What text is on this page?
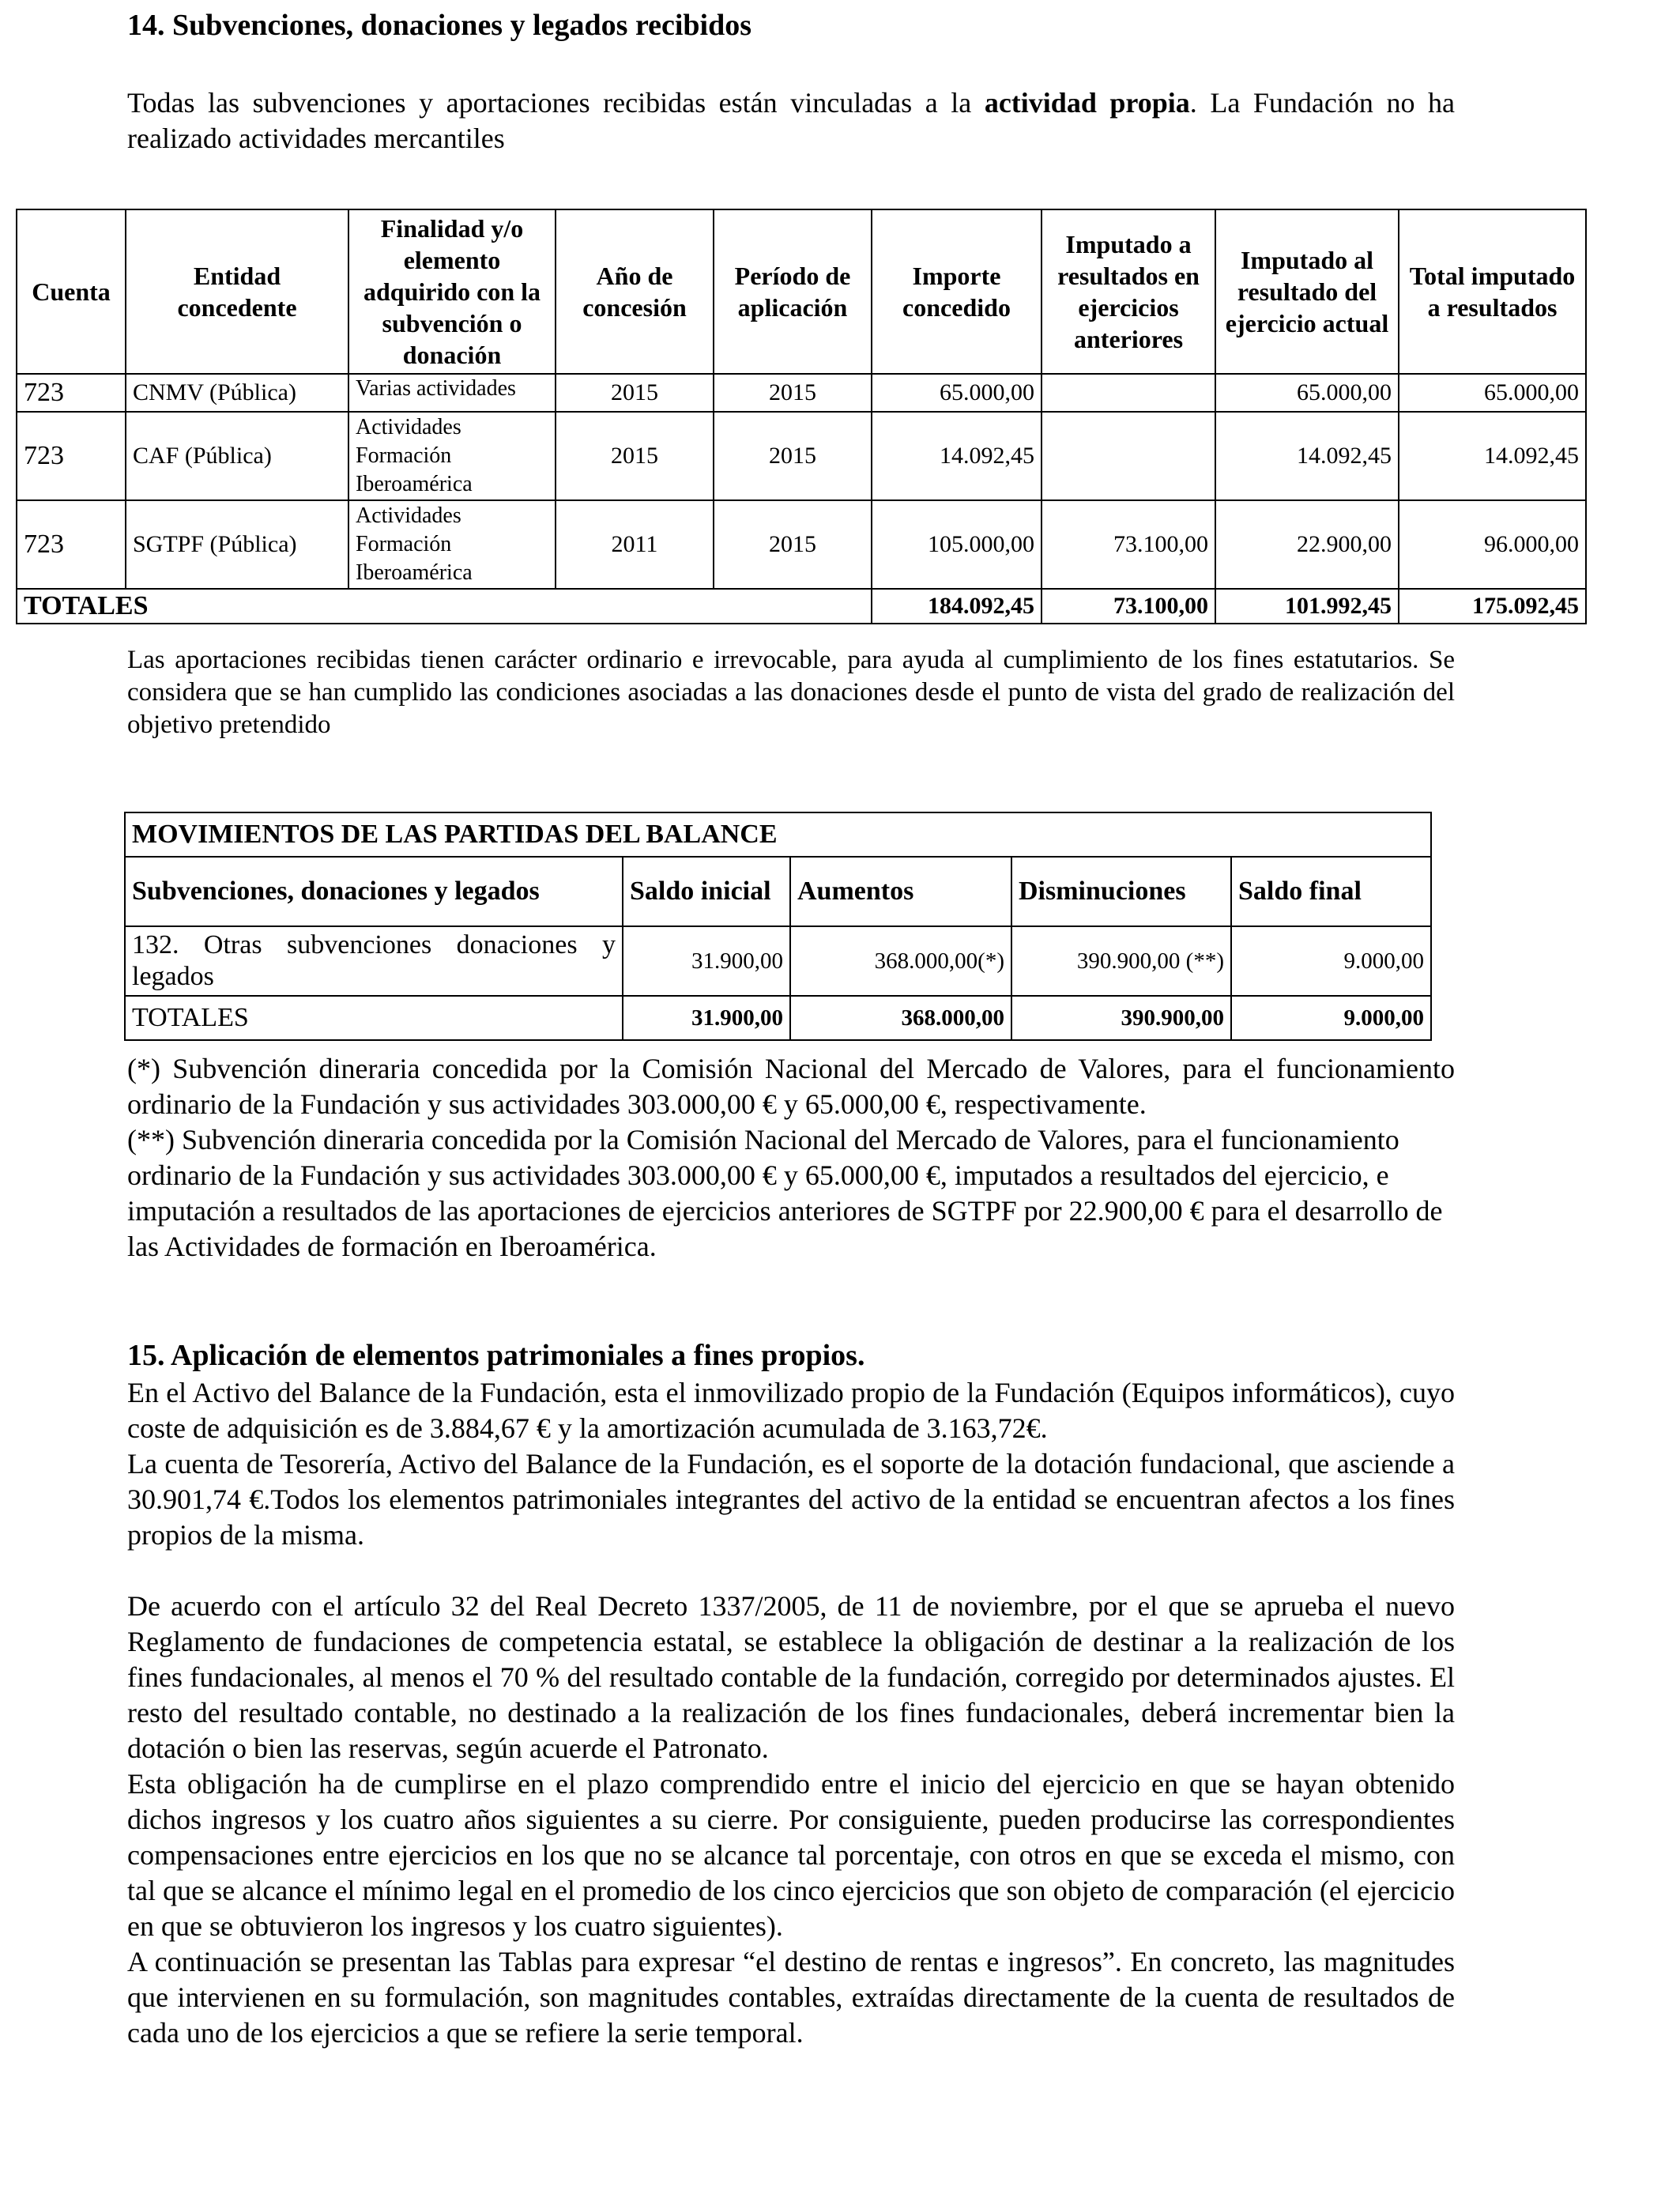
14. Subvenciones, donaciones y legados recibidos
Todas las subvenciones y aportaciones recibidas están vinculadas a la actividad propia. La Fundación no ha realizado actividades mercantiles
Cuenta	Entidad concedente	Finalidad y/o elemento adquirido con la subvención o donación	Año de concesión	Período de aplicación	Importe concedido	Imputado a resultados en ejercicios anteriores	Imputado al resultado del ejercicio actual	Total imputado a resultados
723	CNMV (Pública)	Varias actividades	2015	2015	65.000,00		65.000,00	65.000,00
723	CAF (Pública)	Actividades Formación Iberoamérica	2015	2015	14.092,45		14.092,45	14.092,45
723	SGTPF (Pública)	Actividades Formación Iberoamérica	2011	2015	105.000,00	73.100,00	22.900,00	96.000,00
TOTALES					184.092,45	73.100,00	101.992,45	175.092,45
Las aportaciones recibidas tienen carácter ordinario e irrevocable, para ayuda al cumplimiento de los fines estatutarios. Se considera que se han cumplido las condiciones asociadas a las donaciones desde el punto de vista del grado de realización del objetivo pretendido
MOVIMIENTOS DE LAS PARTIDAS DEL BALANCE				
Subvenciones, donaciones y legados	Saldo inicial	Aumentos	Disminuciones	Saldo final
132. Otras subvenciones donaciones y legados	31.900,00	368.000,00(*)	390.900,00 (**)	9.000,00
TOTALES	31.900,00	368.000,00	390.900,00	9.000,00
(*) Subvención dineraria concedida por la Comisión Nacional del Mercado de Valores, para el funcionamiento ordinario de la Fundación y sus actividades 303.000,00 € y 65.000,00 €, respectivamente.
(**) Subvención dineraria concedida por la Comisión Nacional del Mercado de Valores, para el funcionamiento ordinario de la Fundación y sus actividades 303.000,00 € y 65.000,00 €, imputados a resultados del ejercicio, e imputación a resultados de las aportaciones de ejercicios anteriores de SGTPF por 22.900,00 € para el desarrollo de las Actividades de formación en Iberoamérica.
15. Aplicación de elementos patrimoniales a fines propios.
En el Activo del Balance de la Fundación, esta el inmovilizado propio de la Fundación (Equipos informáticos), cuyo coste de adquisición es de 3.884,67 € y la amortización acumulada de 3.163,72€.
La cuenta de Tesorería, Activo del Balance de la Fundación, es el soporte de la dotación fundacional, que asciende a 30.901,74 €.Todos los elementos patrimoniales integrantes del activo de la entidad se encuentran afectos a los fines propios de la misma.
De acuerdo con el artículo 32 del Real Decreto 1337/2005, de 11 de noviembre, por el que se aprueba el nuevo Reglamento de fundaciones de competencia estatal, se establece la obligación de destinar a la realización de los fines fundacionales, al menos el 70 % del resultado contable de la fundación, corregido por determinados ajustes. El resto del resultado contable, no destinado a la realización de los fines fundacionales, deberá incrementar bien la dotación o bien las reservas, según acuerde el Patronato.
Esta obligación ha de cumplirse en el plazo comprendido entre el inicio del ejercicio en que se hayan obtenido dichos ingresos y los cuatro años siguientes a su cierre. Por consiguiente, pueden producirse las correspondientes compensaciones entre ejercicios en los que no se alcance tal porcentaje, con otros en que se exceda el mismo, con tal que se alcance el mínimo legal en el promedio de los cinco ejercicios que son objeto de comparación (el ejercicio en que se obtuvieron los ingresos y los cuatro siguientes).
A continuación se presentan las Tablas para expresar “el destino de rentas e ingresos”. En concreto, las magnitudes que intervienen en su formulación, son magnitudes contables, extraídas directamente de la cuenta de resultados de cada uno de los ejercicios a que se refiere la serie temporal.
